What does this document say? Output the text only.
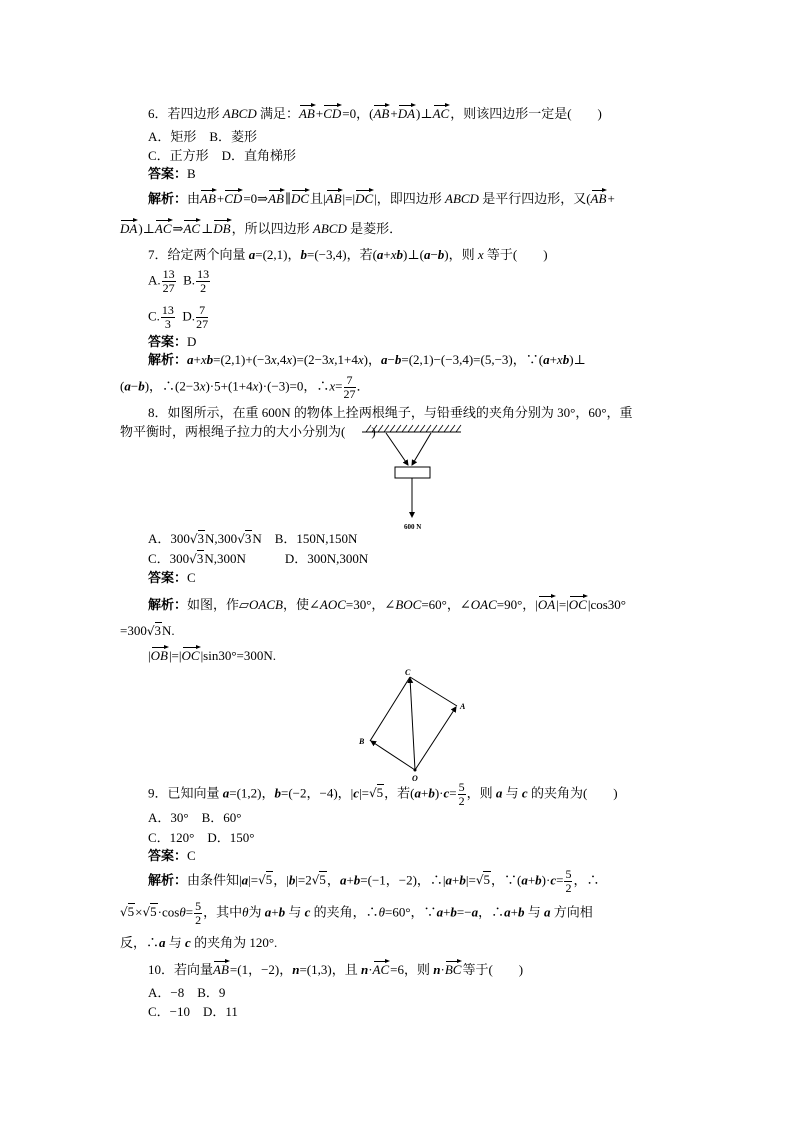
6．若四边形 ABCD 满足：AB+CD=0，(AB+DA)⊥AC，则该四边形一定是(　　)
A．矩形　B．菱形
C．正方形　D．直角梯形
答案：B
解析：由AB+CD=0⇒AB∥DC且|AB|=|DC|，即四边形 ABCD 是平行四边形，又(AB+
DA)⊥AC⇒AC⊥DB，所以四边形 ABCD 是菱形．
7．给定两个向量 a=(2,1)，b=(−3,4)，若(a+xb)⊥(a−b)，则 x 等于(　　)
A. $\frac{13}{27} B$. $\frac{13}{2}$
C. $\frac{13}{3} D$. $\frac{7}{27}$
答案：D
解析：a+xb=(2,1)+(−3x,4x)=(2−3x,1+4x)，a−b=(2,1)−(−3,4)=(5,−3)，∵(a+xb)⊥
(a−b)，∴(2−3x)·5+(1+4x)·(−3)=0，∴x= $\frac{7}{27}$ ．
8．如图所示，在重 600N 的物体上拴两根绳子，与铅垂线的夹角分别为 30°，60°，重
物平衡时，两根绳子拉力的大小分别为(　　)
600 N
A．300√3N,300√3N　B．150N,150N
C．300√3N,300N　　　D．300N,300N
答案：C
解析：如图，作▱OACB，使∠AOC=30°，∠BOC=60°，∠OAC=90°，|OA|=|OC|cos30°
=300√3N.
|OB|=|OC|sin30°=300N.
C
A
B
O
9．已知向量 a=(1,2)，b=(−2，−4)，|c|=√5，若$(a+b)\cdot c= \frac{5}{2}$ ，则 a 与 c 的夹角为(　　)
A．30°　B．60°
C．120°　D．150°
答案：C
解析：由条件知|a|=√5，|b|=2√5，a+b=(−1，−2)，∴|a+b|=√5，∵(a+b)·c= $\frac{5}{2}$ ，∴
$√5\times√5\cdot\cos\theta= \frac{5}{2}$ ，其中θ为 a+b 与 c 的夹角，∴θ=60°，∵a+b=−a，∴a+b 与 a 方向相
反，∴a 与 c 的夹角为 120°.
10．若向量AB=(1，−2)，n=(1,3)，且 n·AC=6，则 n·BC等于(　　)
A．−8　B．9
C．−10　D．11
